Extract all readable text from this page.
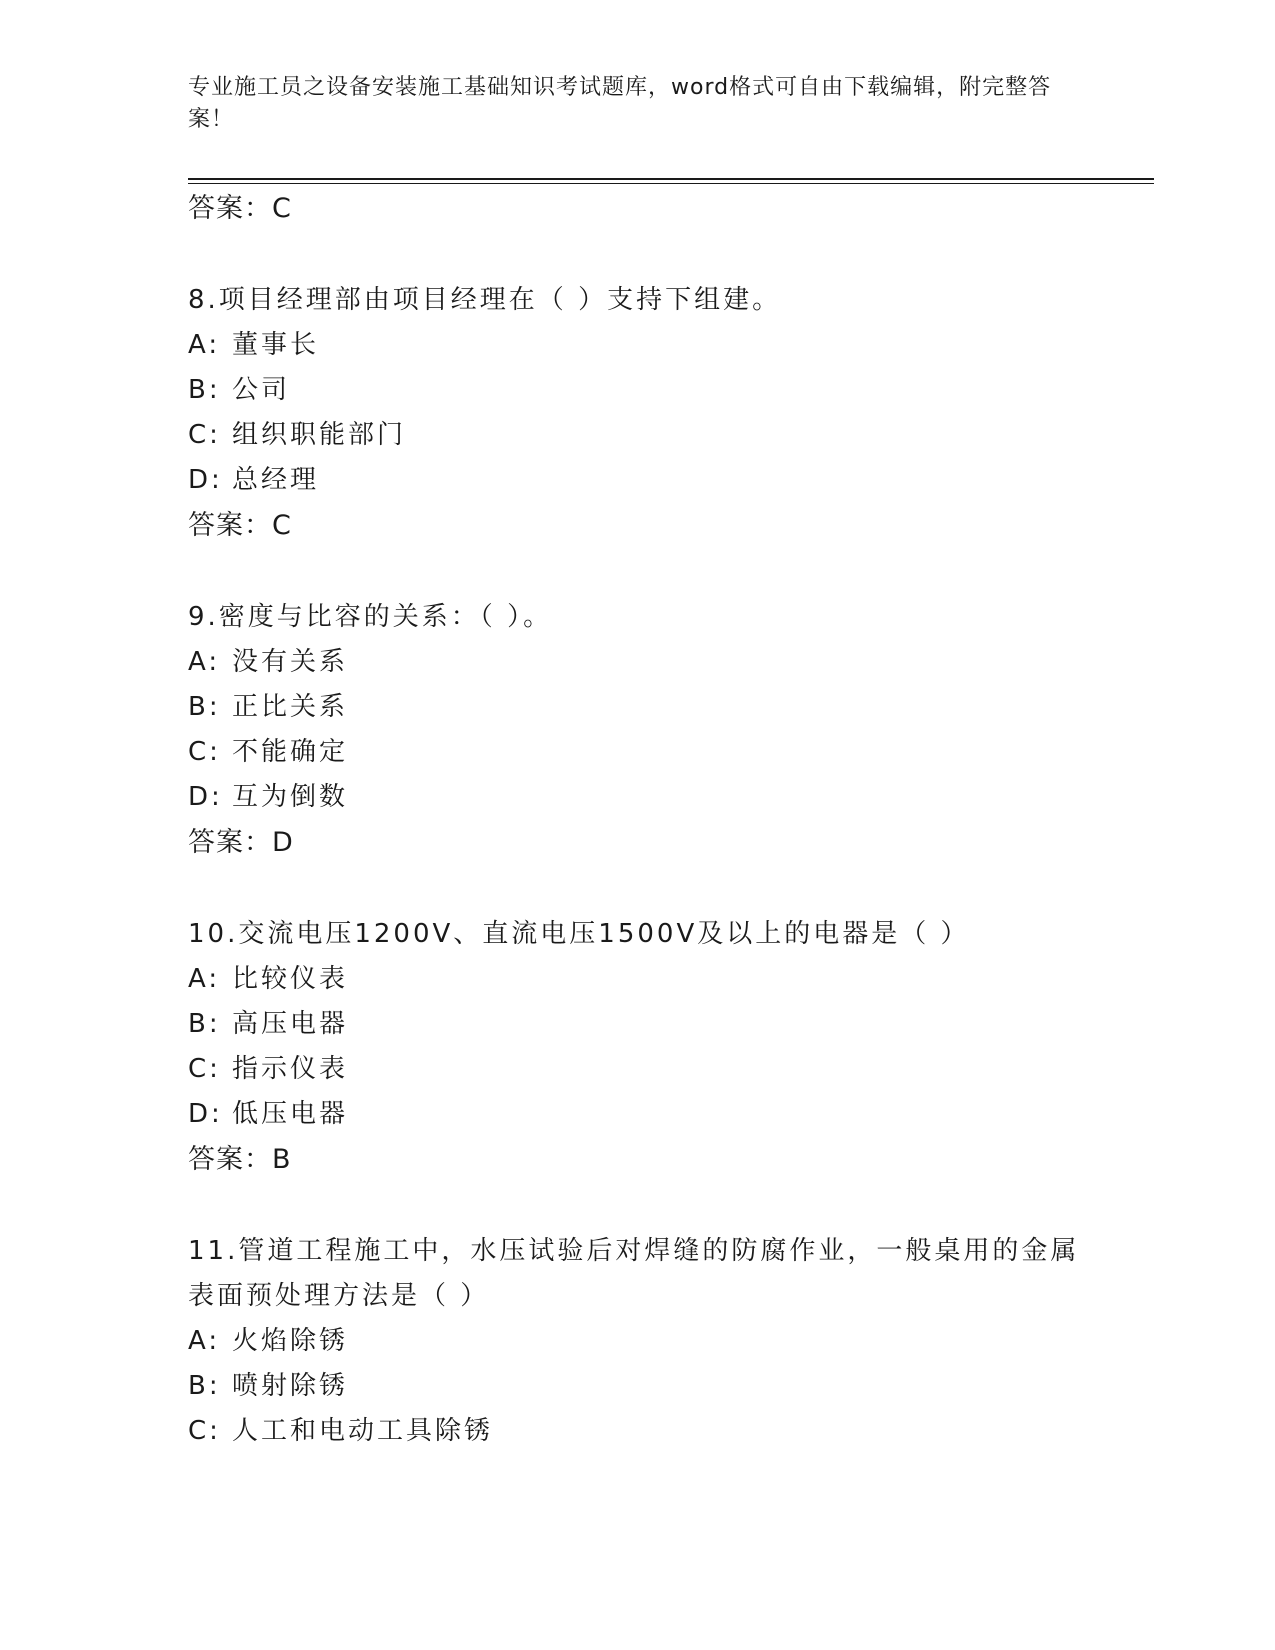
专业施工员之设备安装施工基础知识考试题库，word格式可自由下载编辑，附完整答案！
答案：C
8.项目经理部由项目经理在（ ）支持下组建。
A: 董事长
B: 公司
C: 组织职能部门
D: 总经理
答案：C
9.密度与比容的关系：（ ）。
A: 没有关系
B: 正比关系
C: 不能确定
D: 互为倒数
答案：D
10.交流电压1200V、直流电压1500V及以上的电器是（ ）
A: 比较仪表
B: 高压电器
C: 指示仪表
D: 低压电器
答案：B
11.管道工程施工中，水压试验后对焊缝的防腐作业，一般桌用的金属表面预处理方法是（ ）
A: 火焰除锈
B: 喷射除锈
C: 人工和电动工具除锈
